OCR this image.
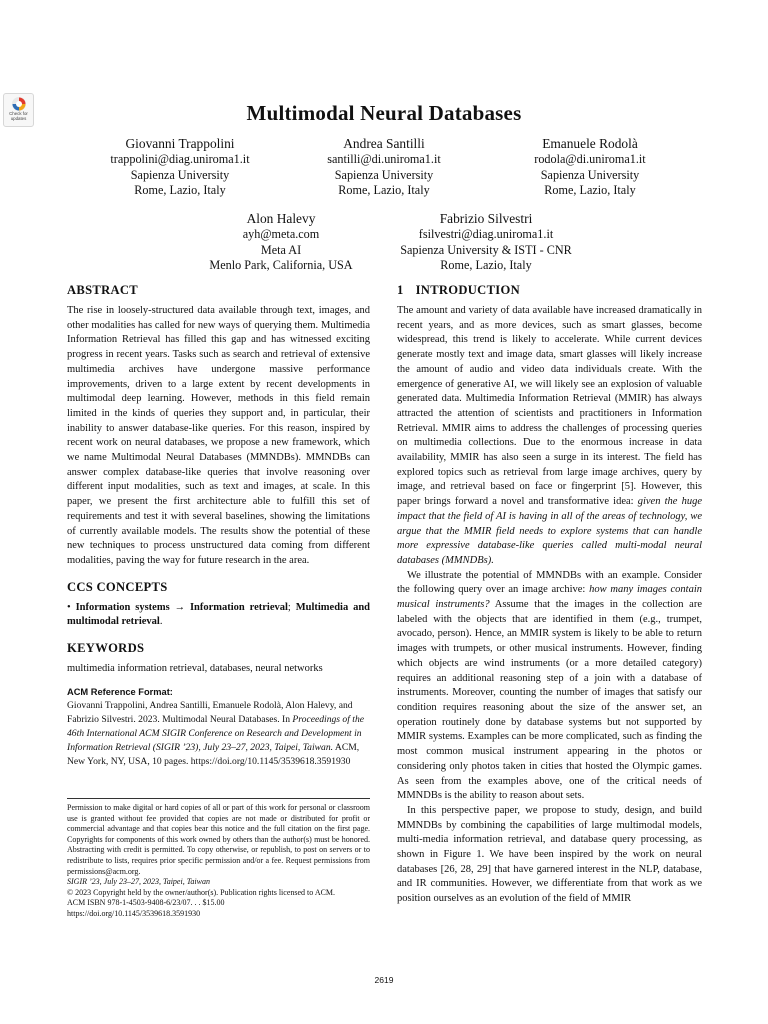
Check for
updates	Multimodal Neural Databases
Giovanni Trappolini
trappolini@diag.uniroma1.it
Sapienza University
Rome, Lazio, Italy
Andrea Santilli
santilli@di.uniroma1.it
Sapienza University
Rome, Lazio, Italy
Emanuele Rodolà
rodola@di.uniroma1.it
Sapienza University
Rome, Lazio, Italy
Alon Halevy
ayh@meta.com
Meta AI
Menlo Park, California, USA
Fabrizio Silvestri
fsilvestri@diag.uniroma1.it
Sapienza University & ISTI - CNR
Rome, Lazio, Italy
ABSTRACT

The rise in loosely-structured data available through text, images, and other modalities has called for new ways of querying them. Multimedia Information Retrieval has filled this gap and has witnessed exciting progress in recent years. Tasks such as search and retrieval of extensive multimedia archives have undergone massive performance improvements, driven to a large extent by recent developments in multimodal deep learning. However, methods in this field remain limited in the kinds of queries they support and, in particular, their inability to answer database-like queries. For this reason, inspired by recent work on neural databases, we propose a new framework, which we name Multimodal Neural Databases (MMNDBs). MMNDBs can answer complex database-like queries that involve reasoning over different input modalities, such as text and images, at scale. In this paper, we present the first architecture able to fulfill this set of requirements and test it with several baselines, showing the limitations of currently available models. The results show the potential of these new techniques to process unstructured data coming from different modalities, paving the way for future research in the area.

CCS CONCEPTS

• Information systems → Information retrieval; Multimedia and multimodal retrieval.

KEYWORDS

multimedia information retrieval, databases, neural networks

ACM Reference Format:

Giovanni Trappolini, Andrea Santilli, Emanuele Rodolà, Alon Halevy, and Fabrizio Silvestri. 2023. Multimodal Neural Databases. In Proceedings of the 46th International ACM SIGIR Conference on Research and Development in Information Retrieval (SIGIR ’23), July 23–27, 2023, Taipei, Taiwan. ACM, New York, NY, USA, 10 pages. https://doi.org/10.1145/3539618.3591930

Permission to make digital or hard copies of all or part of this work for personal or classroom use is granted without fee provided that copies are not made or distributed for profit or commercial advantage and that copies bear this notice and the full citation on the first page. Copyrights for components of this work owned by others than the author(s) must be honored. Abstracting with credit is permitted. To copy otherwise, or republish, to post on servers or to redistribute to lists, requires prior specific permission and/or a fee. Request permissions from permissions@acm.org.

SIGIR ’23, July 23–27, 2023, Taipei, Taiwan

© 2023 Copyright held by the owner/author(s). Publication rights licensed to ACM.

ACM ISBN 978-1-4503-9408-6/23/07. . . $15.00

https://doi.org/10.1145/3539618.3591930

1 INTRODUCTION

The amount and variety of data available have increased dramatically in recent years, and as more devices, such as smart glasses, become widespread, this trend is likely to accelerate. While current devices generate mostly text and image data, smart glasses will likely increase the amount of audio and video data individuals create. With the emergence of generative AI, we will likely see an explosion of valuable generated data. Multimedia Information Retrieval (MMIR) has always attracted the attention of scientists and practitioners in Information Retrieval. MMIR aims to address the challenges of processing queries on multimedia collections. Due to the enormous increase in data availability, MMIR has also seen a surge in its interest. The field has explored topics such as retrieval from large image archives, query by image, and retrieval based on face or fingerprint [5]. However, this paper brings forward a novel and transformative idea: given the huge impact that the field of AI is having in all of the areas of technology, we argue that the MMIR field needs to explore systems that can handle more expressive database-like queries called multi-modal neural databases (MMNDBs).

We illustrate the potential of MMNDBs with an example. Consider the following query over an image archive: how many images contain musical instruments? Assume that the images in the collection are labeled with the objects that are identified in them (e.g., trumpet, avocado, person). Hence, an MMIR system is likely to be able to return images with trumpets, or other musical instruments. However, finding which objects are wind instruments (or a more detailed category) requires an additional reasoning step of a join with a database of instruments. Moreover, counting the number of images that satisfy our condition requires reasoning about the size of the answer set, an operation routinely done by database systems but not supported by MMIR systems. Examples can be more complicated, such as finding the most common musical instrument appearing in the photos or considering only photos taken in cities that hosted the Olympic games. As seen from the examples above, one of the critical needs of MMNDBs is the ability to reason about sets.

In this perspective paper, we propose to study, design, and build MMNDBs by combining the capabilities of large multimodal models, multi-media information retrieval, and database query processing, as shown in Figure 1. We have been inspired by the work on neural databases [26, 28, 29] that have garnered interest in the NLP, database, and IR communities. However, we differentiate from that work as we position ourselves as an evolution of the field of MMIR

2619
